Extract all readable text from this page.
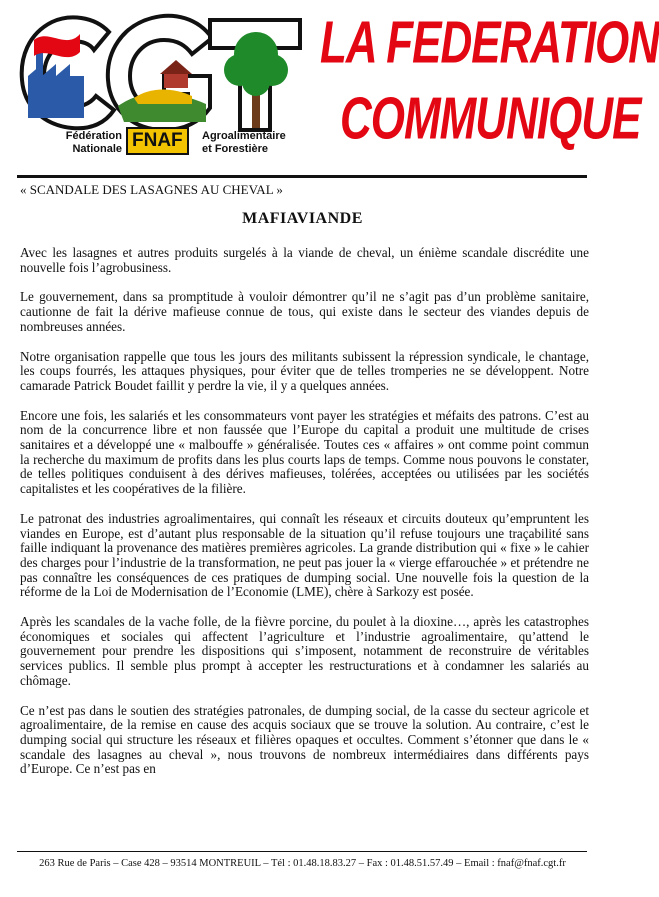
Fédération
Nationale FNAF	Agroalimentaire
et Forestière
LA FEDERATION
COMMUNIQUE
« SCANDALE DES LASAGNES AU CHEVAL »
MAFIAVIANDE

Avec les lasagnes et autres produits surgelés à la viande de cheval, un énième scandale discrédite une nouvelle fois l’agrobusiness.

Le gouvernement, dans sa promptitude à vouloir démontrer qu’il ne s’agit pas d’un problème sanitaire, cautionne de fait la dérive mafieuse connue de tous, qui existe dans le secteur des viandes depuis de nombreuses années.

Notre organisation rappelle que tous les jours des militants subissent la répression syndicale, le chantage, les coups fourrés, les attaques physiques, pour éviter que de telles tromperies ne se développent. Notre camarade Patrick Boudet faillit y perdre la vie, il y a quelques années.

Encore une fois, les salariés et les consommateurs vont payer les stratégies et méfaits des patrons. C’est au nom de la concurrence libre et non faussée que l’Europe du capital a produit une multitude de crises sanitaires et a développé une « malbouffe » généralisée. Toutes ces « affaires » ont comme point commun la recherche du maximum de profits dans les plus courts laps de temps. Comme nous pouvons le constater, de telles politiques conduisent à des dérives mafieuses, tolérées, acceptées ou utilisées par les sociétés capitalistes et les coopératives de la filière.

Le patronat des industries agroalimentaires, qui connaît les réseaux et circuits douteux qu’empruntent les viandes en Europe, est d’autant plus responsable de la situation qu’il refuse toujours une traçabilité sans faille indiquant la provenance des matières premières agricoles. La grande distribution qui « fixe » le cahier des charges pour l’industrie de la transformation, ne peut pas jouer la « vierge effarouchée » et prétendre ne pas connaître les conséquences de ces pratiques de dumping social. Une nouvelle fois la question de la réforme de la Loi de Modernisation de l’Economie (LME), chère à Sarkozy est posée.

Après les scandales de la vache folle, de la fièvre porcine, du poulet à la dioxine…, après les catastrophes économiques et sociales qui affectent l’agriculture et l’industrie agroalimentaire, qu’attend le gouvernement pour prendre les dispositions qui s’imposent, notamment de reconstruire de véritables services publics. Il semble plus prompt à accepter les restructurations et à condamner les salariés au chômage.

Ce n’est pas dans le soutien des stratégies patronales, de dumping social, de la casse du secteur agricole et agroalimentaire, de la remise en cause des acquis sociaux que se trouve la solution. Au contraire, c’est le dumping social qui structure les réseaux et filières opaques et occultes. Comment s’étonner que dans le « scandale des lasagnes au cheval », nous trouvons de nombreux intermédiaires dans différents pays d’Europe. Ce n’est pas en

263 Rue de Paris – Case 428 – 93514 MONTREUIL – Tél : 01.48.18.83.27 – Fax : 01.48.51.57.49 – Email : fnaf@fnaf.cgt.fr
